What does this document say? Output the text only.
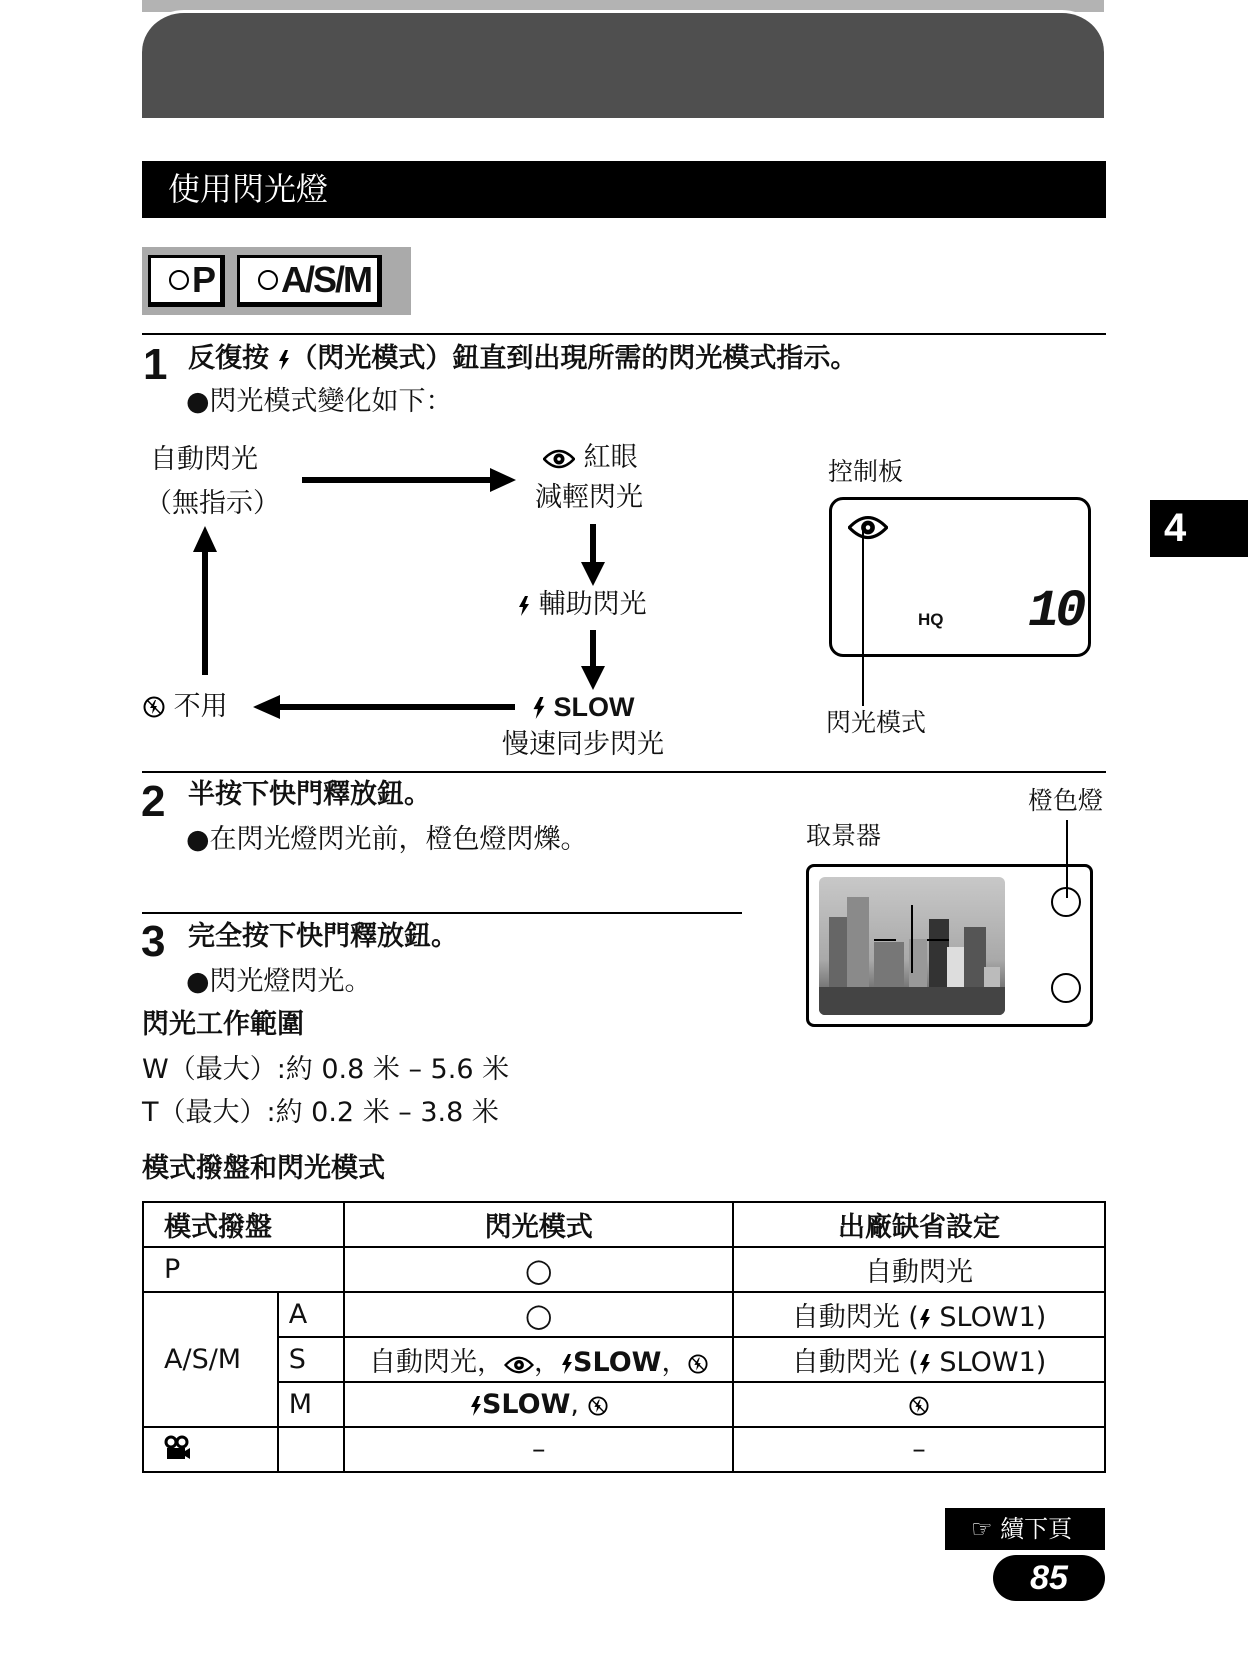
使用閃光燈
P	A/S/M
4
1 反復按 （閃光模式）鈕直到出現所需的閃光模式指示。
●閃光模式變化如下：
自動閃光
（無指示）
紅眼
減輕閃光
輔助閃光
SLOW
慢速同步閃光
不用
控制板
HQ 10
閃光模式
2 半按下快門釋放鈕。
●在閃光燈閃光前，橙色燈閃爍。
橙色燈
取景器
3 完全按下快門釋放鈕。
●閃光燈閃光。
閃光工作範圍
W（最大）:約 0.8 米 – 5.6 米
T（最大）:約 0.2 米 – 3.8 米
模式撥盤和閃光模式
模式撥盤		閃光模式	出廠缺省設定
P		○	自動閃光
A/S/M	A	○	自動閃光 ( SLOW1)
	S	自動閃光， ， SLOW，	自動閃光 ( SLOW1)
	M	SLOW,	
		–	–
☞ 續下頁
85
